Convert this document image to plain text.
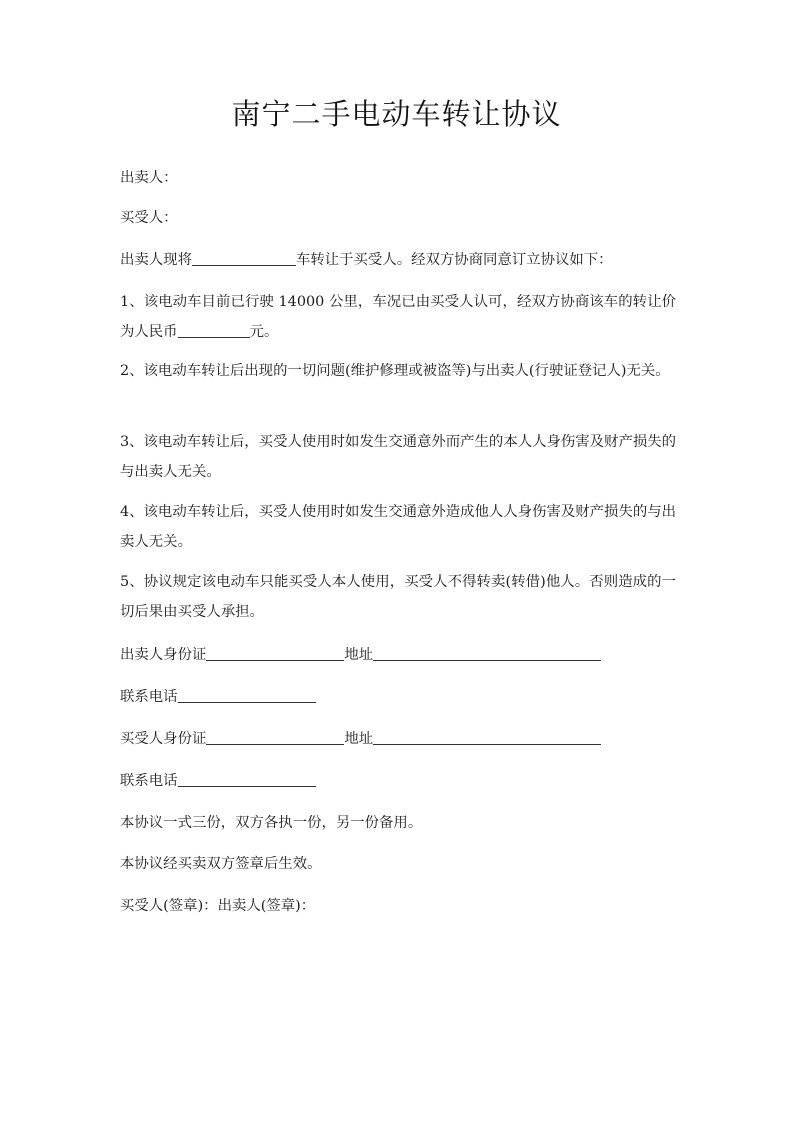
南宁二手电动车转让协议

出卖人：

买受人：

出卖人现将	车转让于买受人。经双方协商同意订立协议如下：

1、该电动车目前已行驶 14000 公里，车况已由买受人认可，经双方协商该车的转让价为人民币	元。

2、该电动车转让后出现的一切问题(维护修理或被盗等)与出卖人(行驶证登记人)无关。

3、该电动车转让后，买受人使用时如发生交通意外而产生的本人人身伤害及财产损失的与出卖人无关。

4、该电动车转让后，买受人使用时如发生交通意外造成他人人身伤害及财产损失的与出卖人无关。

5、协议规定该电动车只能买受人本人使用，买受人不得转卖(转借)他人。否则造成的一切后果由买受人承担。

出卖人身份证	地址

联系电话

买受人身份证	地址

联系电话

本协议一式三份，双方各执一份，另一份备用。

本协议经买卖双方签章后生效。

买受人(签章)：出卖人(签章)：
